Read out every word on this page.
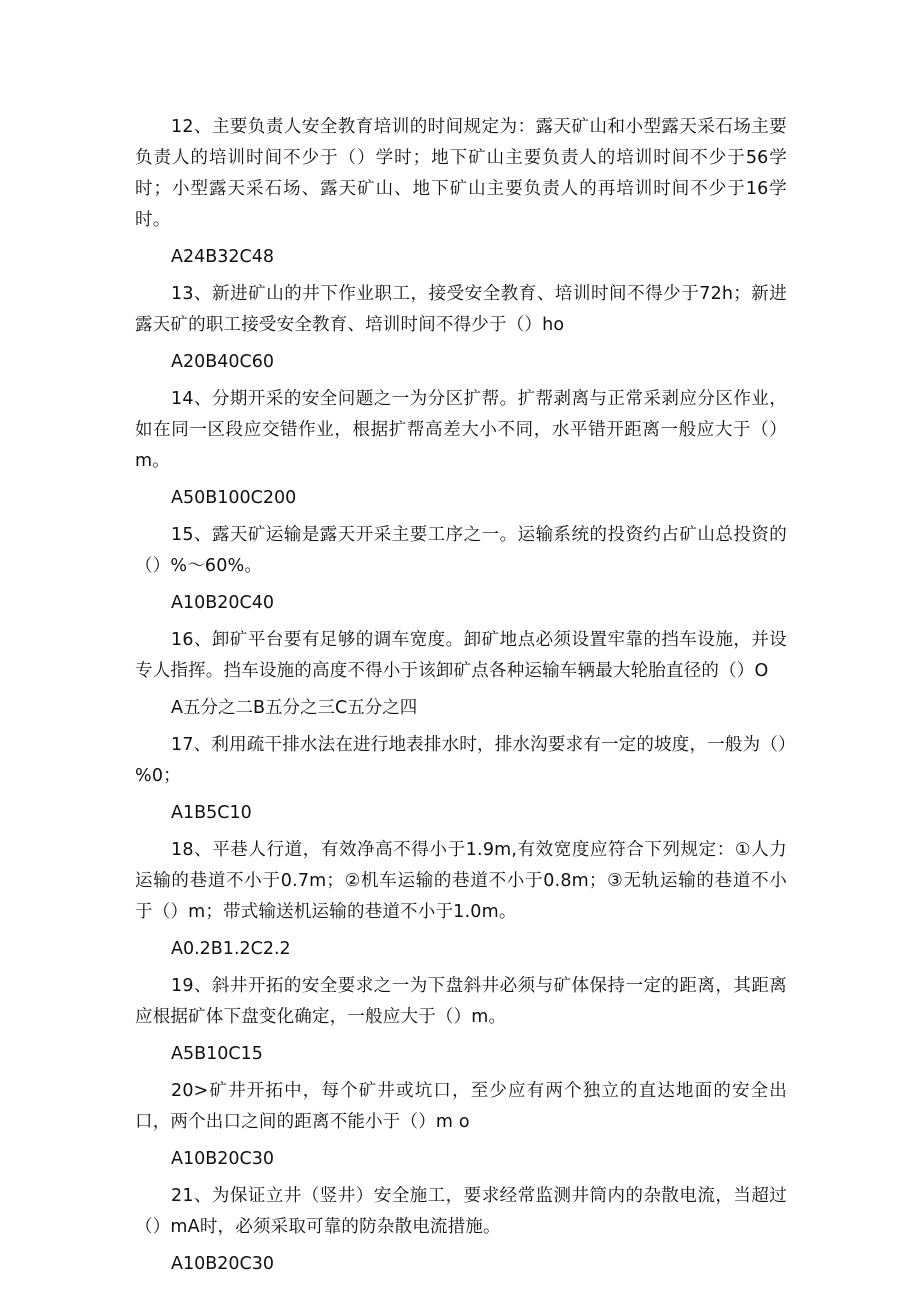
12、主要负责人安全教育培训的时间规定为：露天矿山和小型露天采石场主要负责人的培训时间不少于（）学时；地下矿山主要负责人的培训时间不少于56学时；小型露天采石场、露天矿山、地下矿山主要负责人的再培训时间不少于16学时。

A24B32C48

13、新进矿山的井下作业职工，接受安全教育、培训时间不得少于72h；新进露天矿的职工接受安全教育、培训时间不得少于（）ho

A20B40C60

14、分期开采的安全问题之一为分区扩帮。扩帮剥离与正常采剥应分区作业，如在同一区段应交错作业，根据扩帮高差大小不同，水平错开距离一般应大于（）m。

A50B100C200

15、露天矿运输是露天开采主要工序之一。运输系统的投资约占矿山总投资的（）%～60%。

A10B20C40

16、卸矿平台要有足够的调车宽度。卸矿地点必须设置牢靠的挡车设施，并设专人指挥。挡车设施的高度不得小于该卸矿点各种运输车辆最大轮胎直径的（）O

A五分之二B五分之三C五分之四

17、利用疏干排水法在进行地表排水时，排水沟要求有一定的坡度，一般为（）%0；

A1B5C10

18、平巷人行道，有效净高不得小于1.9m,有效宽度应符合下列规定：①人力运输的巷道不小于0.7m；②机车运输的巷道不小于0.8m；③无轨运输的巷道不小于（）m；带式输送机运输的巷道不小于1.0m。

A0.2B1.2C2.2

19、斜井开拓的安全要求之一为下盘斜井必须与矿体保持一定的距离，其距离应根据矿体下盘变化确定，一般应大于（）m。

A5B10C15

20>矿井开拓中，每个矿井或坑口，至少应有两个独立的直达地面的安全出口，两个出口之间的距离不能小于（）m o

A10B20C30

21、为保证立井（竖井）安全施工，要求经常监测井筒内的杂散电流，当超过（）mA时，必须采取可靠的防杂散电流措施。

A10B20C30
